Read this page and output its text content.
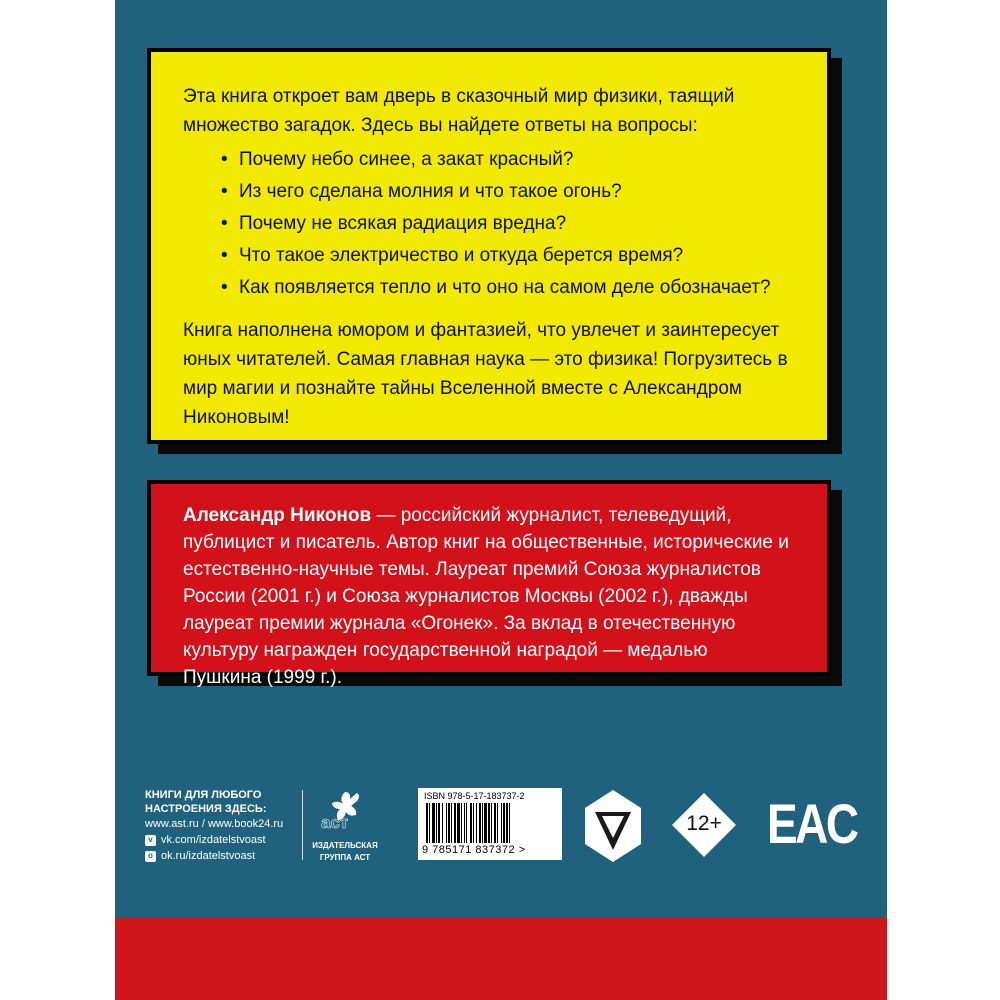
Эта книга откроет вам дверь в сказочный мир физики, таящий множество загадок. Здесь вы найдете ответы на вопросы:

• Почему небо синее, а закат красный?
• Из чего сделана молния и что такое огонь?
• Почему не всякая радиация вредна?
• Что такое электричество и откуда берется время?
• Как появляется тепло и что оно на самом деле обозначает?

Книга наполнена юмором и фантазией, что увлечет и заинтересует юных читателей. Самая главная наука — это физика! Погрузитесь в мир магии и познайте тайны Вселенной вместе с Александром Никоновым!

Александр Никонов — российский журналист, телеведущий, публицист и писатель. Автор книг на общественные, исторические и естественно-научные темы. Лауреат премий Союза журналистов России (2001 г.) и Союза журналистов Москвы (2002 г.), дважды лауреат премии журнала «Огонек». За вклад в отечественную культуру награжден государственной наградой — медалью Пушкина (1999 г.).

КНИГИ ДЛЯ ЛЮБОГО
НАСТРОЕНИЯ ЗДЕСЬ:
www.ast.ru / www.book24.ru
v vk.com/izdatelstvoast
o ok.ru/izdatelstvoast
аст
ИЗДАТЕЛЬСКАЯ
ГРУППА АСТ
ISBN 978-5-17-183737-2
9 785171 837372 >
12+ EAC
